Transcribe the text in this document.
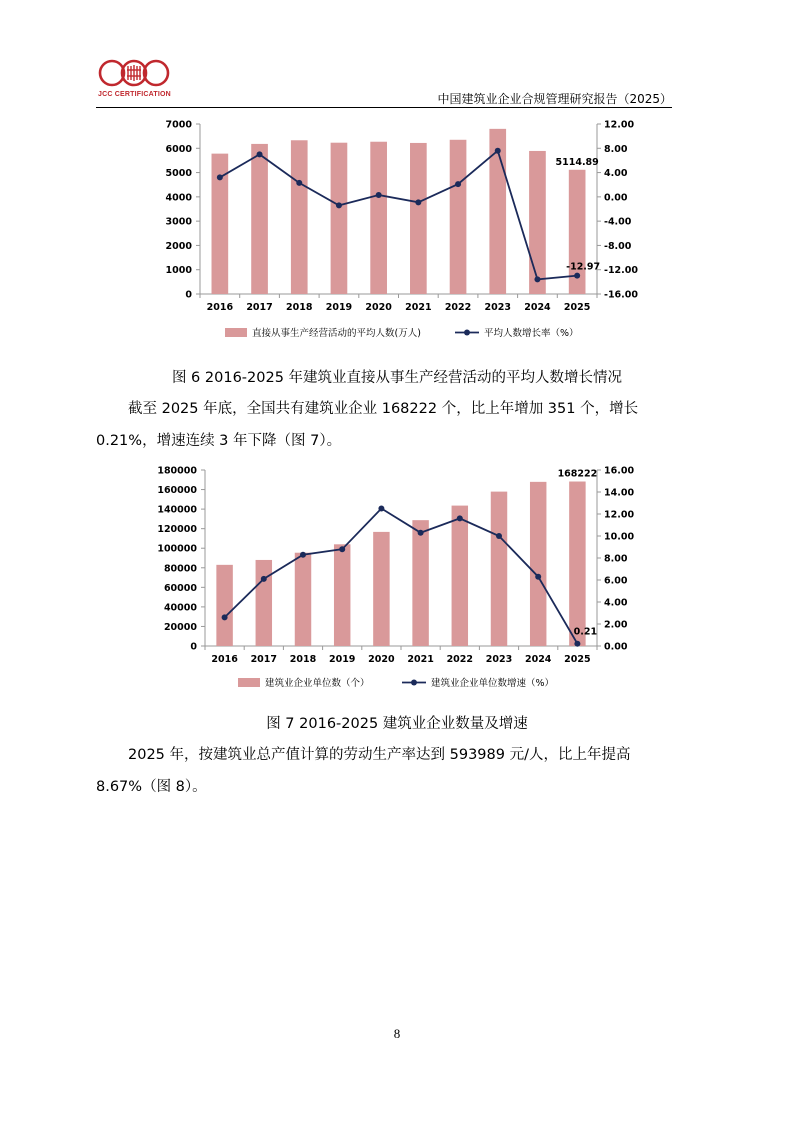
JCC CERTIFICATION	中国建筑业企业合规管理研究报告（2025）
0
1000
2000
3000
4000
5000
6000
7000
-16.00
-12.00
-8.00
-4.00
0.00
4.00
8.00
12.00
2016 2017 2018 2019 2020 2021 2022 2023 2024 2025
5114.89
-12.97
直接从事生产经营活动的平均人数(万人)	平均人数增长率（%）
图 6 2016-2025 年建筑业直接从事生产经营活动的平均人数增长情况
截至 2025 年底，全国共有建筑业企业 168222 个，比上年增加 351 个，增长
0.21%，增速连续 3 年下降（图 7）。
0
20000
40000
60000
80000
100000
120000
140000
160000
180000
0.00
2.00
4.00
6.00
8.00
10.00
12.00
14.00
16.00
2016 2017 2018 2019 2020 2021 2022 2023 2024 2025
168222
0.21
建筑业企业单位数（个）	建筑业企业单位数增速（%）
图 7 2016-2025 建筑业企业数量及增速
2025 年，按建筑业总产值计算的劳动生产率达到 593989 元/人，比上年提高
8.67%（图 8）。
8
